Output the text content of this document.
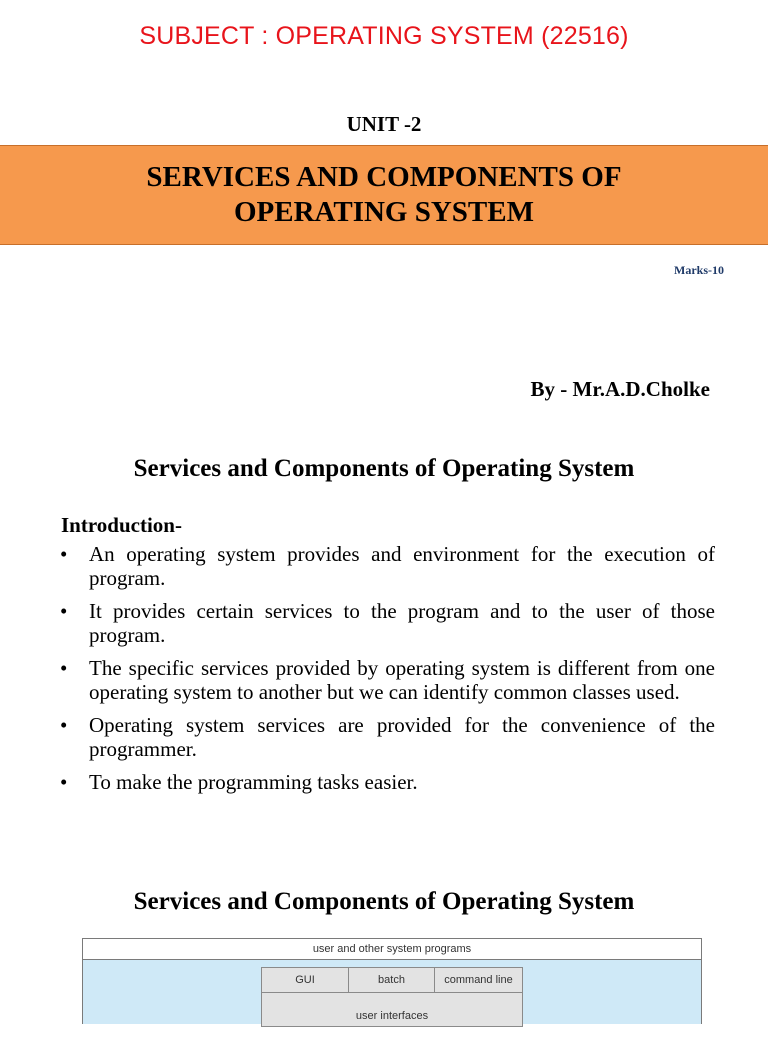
SUBJECT : OPERATING SYSTEM (22516)
UNIT -2
SERVICES AND COMPONENTS OF
OPERATING SYSTEM
Marks-10
By - Mr.A.D.Cholke
Services and Components of Operating System
Introduction-
• An operating system provides and environment for the execution of program.
• It provides certain services to the program and to the user of those program.
• The specific services provided by operating system is different from one operating system to another but we can identify common classes used.
• Operating system services are provided for the convenience of the programmer.
• To make the programming tasks easier.
Services and Components of Operating System
user and other system programs
GUI	batch	command line
user interfaces
